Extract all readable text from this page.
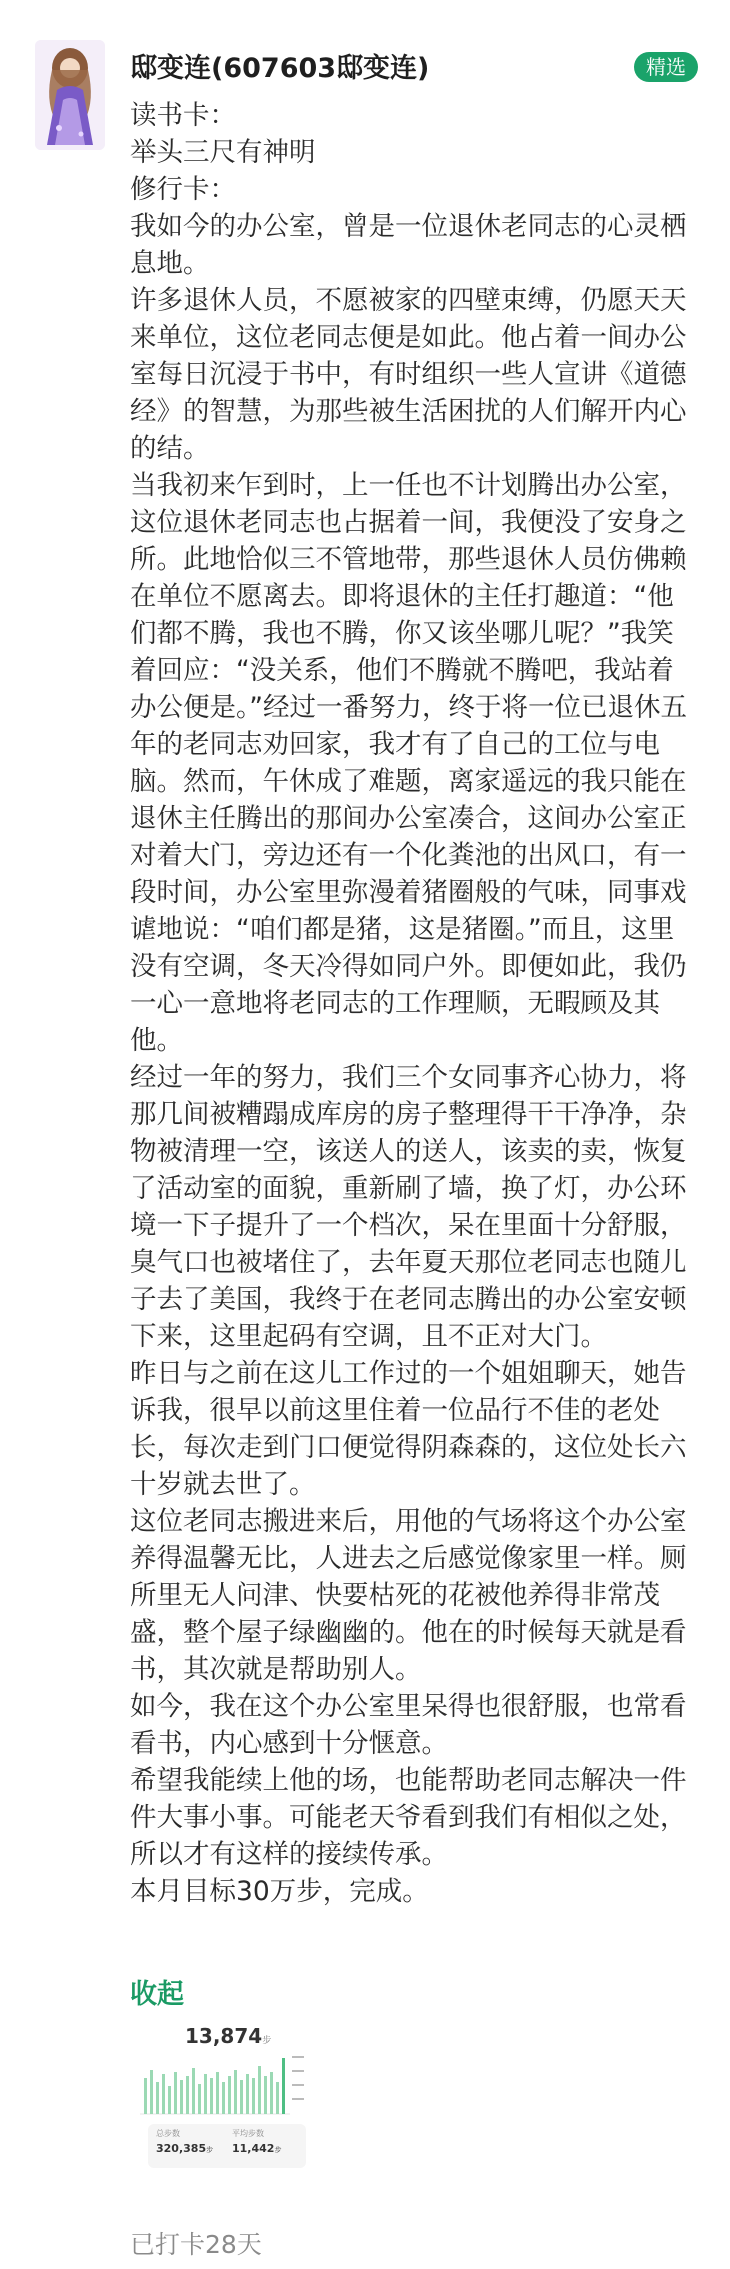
邸变连(607603邸变连)	精选

读书卡：

举头三尺有神明

修行卡：

我如今的办公室，曾是一位退休老同志的心灵栖息地。

许多退休人员，不愿被家的四壁束缚，仍愿天天来单位，这位老同志便是如此。他占着一间办公室每日沉浸于书中，有时组织一些人宣讲《道德经》的智慧，为那些被生活困扰的人们解开内心的结。

当我初来乍到时，上一任也不计划腾出办公室，这位退休老同志也占据着一间，我便没了安身之所。此地恰似三不管地带，那些退休人员仿佛赖在单位不愿离去。即将退休的主任打趣道：“他们都不腾，我也不腾，你又该坐哪儿呢？”我笑着回应：“没关系，他们不腾就不腾吧，我站着办公便是。”经过一番努力，终于将一位已退休五年的老同志劝回家，我才有了自己的工位与电脑。然而，午休成了难题，离家遥远的我只能在退休主任腾出的那间办公室凑合，这间办公室正对着大门，旁边还有一个化粪池的出风口，有一段时间，办公室里弥漫着猪圈般的气味，同事戏谑地说：“咱们都是猪，这是猪圈。”而且，这里没有空调，冬天冷得如同户外。即便如此，我仍一心一意地将老同志的工作理顺，无暇顾及其他。

经过一年的努力，我们三个女同事齐心协力，将那几间被糟蹋成库房的房子整理得干干净净，杂物被清理一空，该送人的送人，该卖的卖，恢复了活动室的面貌，重新刷了墙，换了灯，办公环境一下子提升了一个档次，呆在里面十分舒服，臭气口也被堵住了，去年夏天那位老同志也随儿子去了美国，我终于在老同志腾出的办公室安顿下来，这里起码有空调，且不正对大门。

昨日与之前在这儿工作过的一个姐姐聊天，她告诉我，很早以前这里住着一位品行不佳的老处长，每次走到门口便觉得阴森森的，这位处长六十岁就去世了。

这位老同志搬进来后，用他的气场将这个办公室养得温馨无比，人进去之后感觉像家里一样。厕所里无人问津、快要枯死的花被他养得非常茂盛，整个屋子绿幽幽的。他在的时候每天就是看书，其次就是帮助别人。

如今，我在这个办公室里呆得也很舒服，也常看看书，内心感到十分惬意。

希望我能续上他的场，也能帮助老同志解决一件件大事小事。可能老天爷看到我们有相似之处，所以才有这样的接续传承。

本月目标30万步，完成。

收起
13,874步
总步数
320,385步
平均步数
11,442步
已打卡28天
